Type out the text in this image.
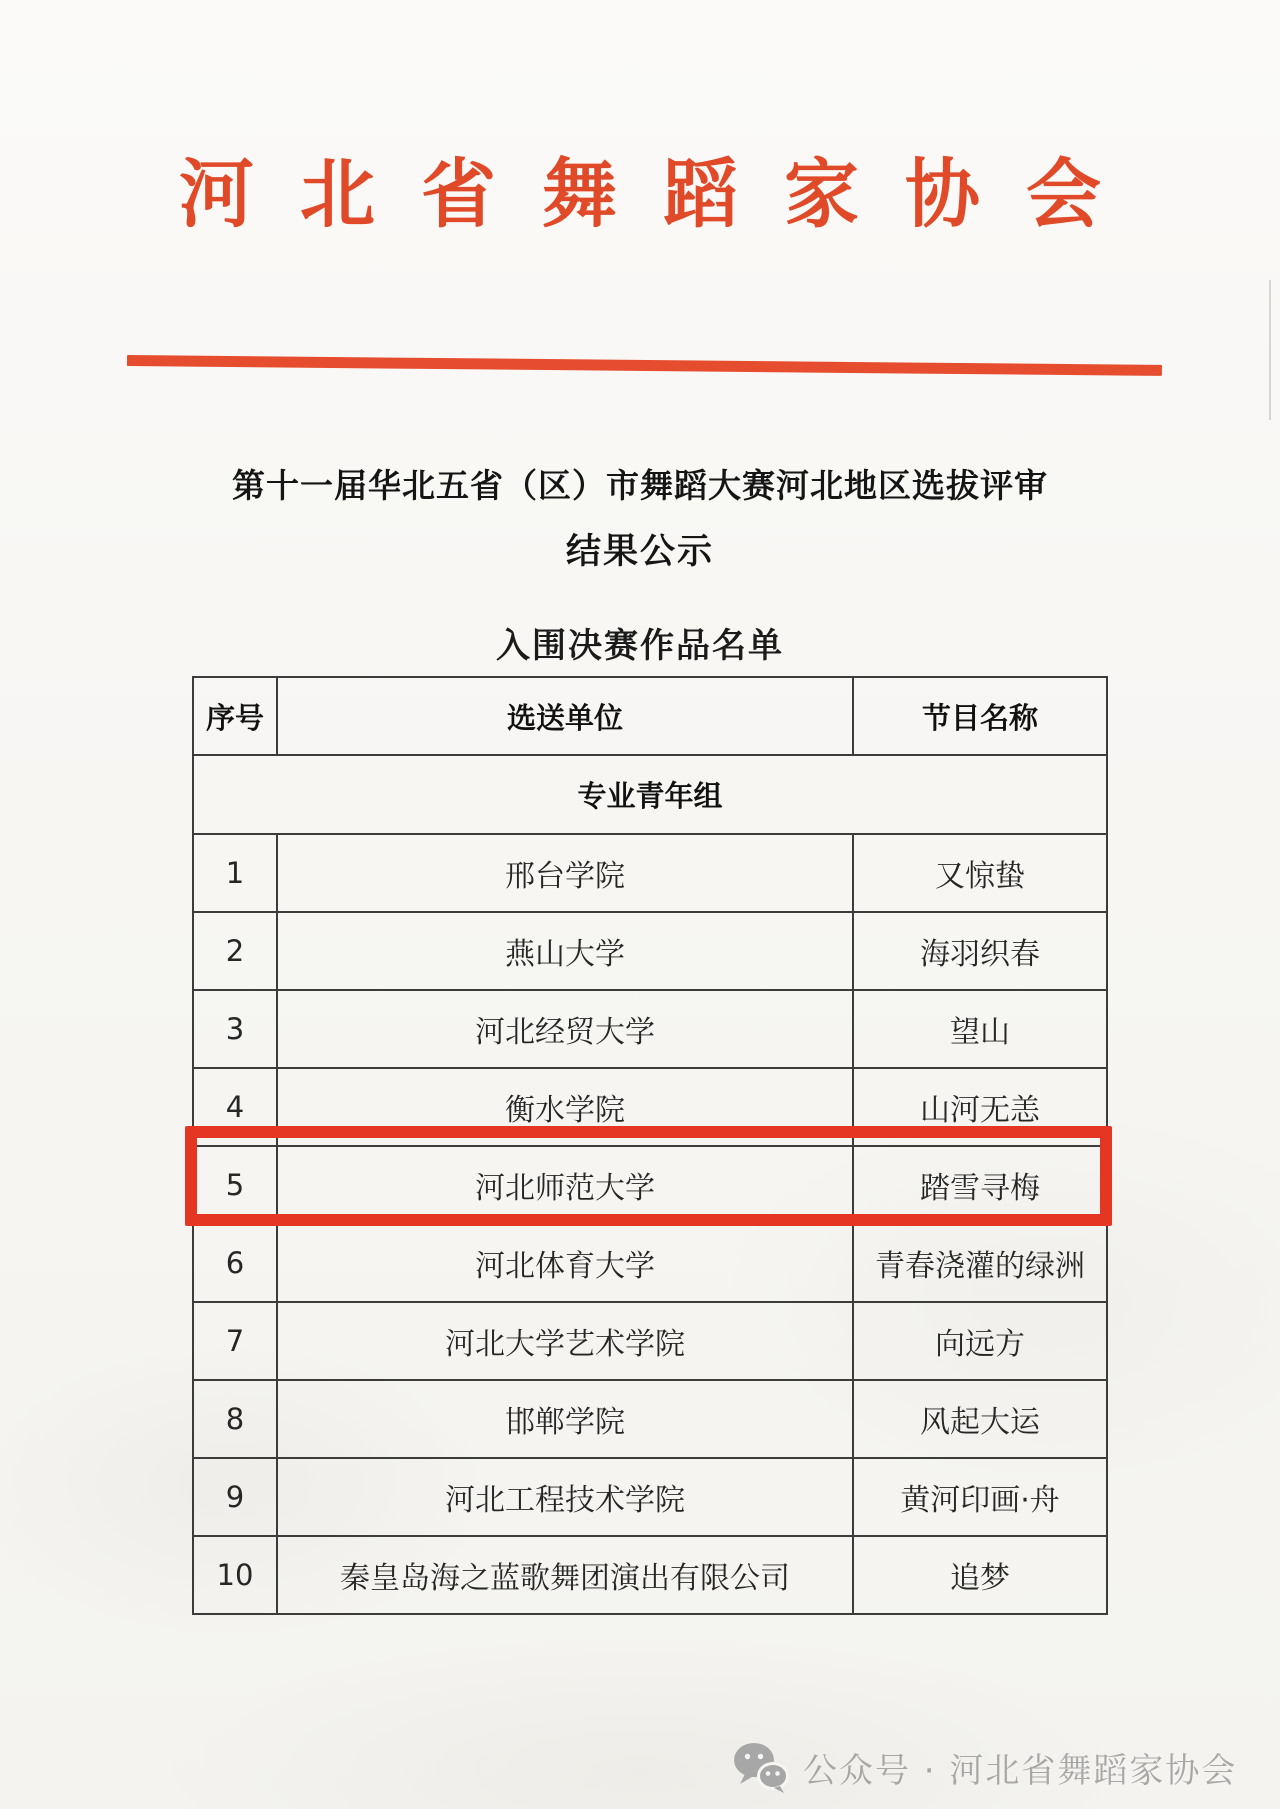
河北省舞蹈家协会
第十一届华北五省（区）市舞蹈大赛河北地区选拔评审
结果公示
入围决赛作品名单
序号	选送单位	节目名称
专业青年组		
1	邢台学院	又惊蛰
2	燕山大学	海羽织春
3	河北经贸大学	望山
4	衡水学院	山河无恙
5	河北师范大学	踏雪寻梅
6	河北体育大学	青春浇灌的绿洲
7	河北大学艺术学院	向远方
8	邯郸学院	风起大运
9	河北工程技术学院	黄河印画·舟
10	秦皇岛海之蓝歌舞团演出有限公司	追梦
公众号 · 河北省舞蹈家协会
